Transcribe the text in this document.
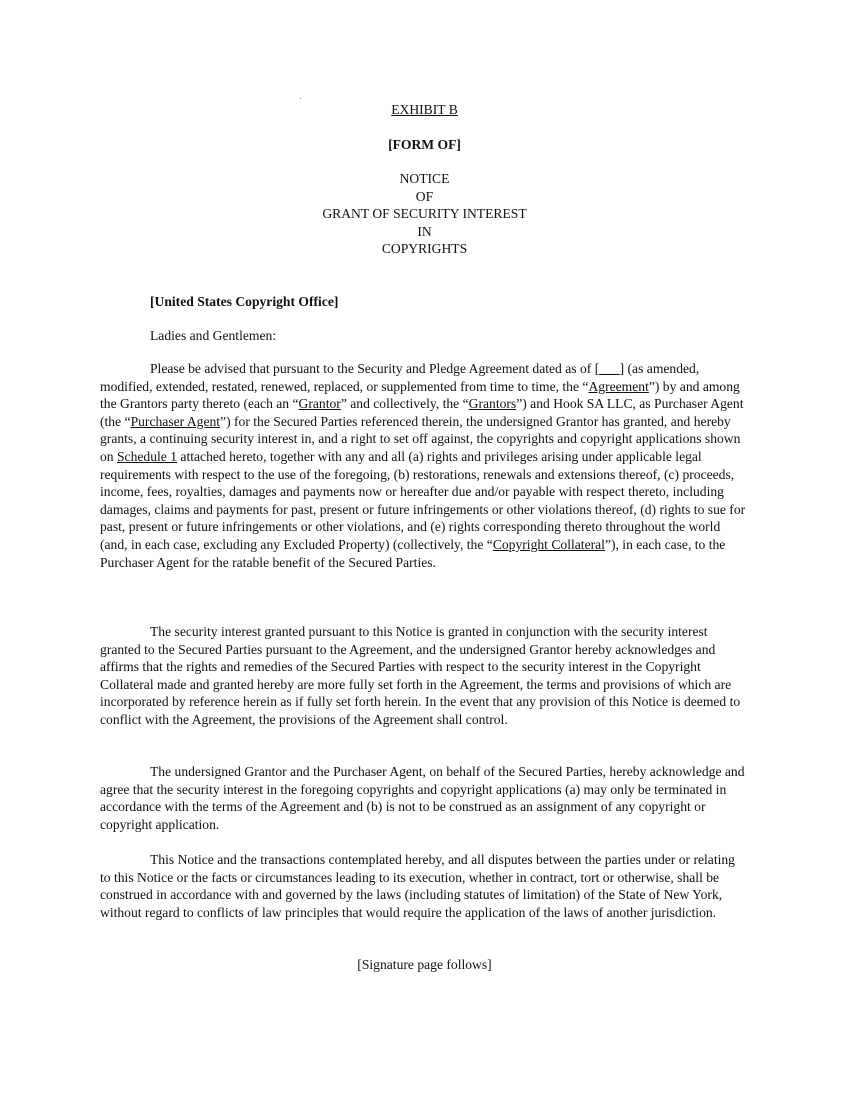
EXHIBIT B
[FORM OF]
NOTICE
OF
GRANT OF SECURITY INTEREST
IN
COPYRIGHTS
[United States Copyright Office]
Ladies and Gentlemen:

Please be advised that pursuant to the Security and Pledge Agreement dated as of [___] (as amended, modified, extended, restated, renewed, replaced, or supplemented from time to time, the “Agreement”) by and among the Grantors party thereto (each an “Grantor” and collectively, the “Grantors”) and Hook SA LLC, as Purchaser Agent (the “Purchaser Agent”) for the Secured Parties referenced therein, the undersigned Grantor has granted, and hereby grants, a continuing security interest in, and a right to set off against, the copyrights and copyright applications shown on Schedule 1 attached hereto, together with any and all (a) rights and privileges arising under applicable legal requirements with respect to the use of the foregoing, (b) restorations, renewals and extensions thereof, (c) proceeds, income, fees, royalties, damages and payments now or hereafter due and/or payable with respect thereto, including damages, claims and payments for past, present or future infringements or other violations thereof, (d) rights to sue for past, present or future infringements or other violations, and (e) rights corresponding thereto throughout the world (and, in each case, excluding any Excluded Property) (collectively, the “Copyright Collateral”), in each case, to the Purchaser Agent for the ratable benefit of the Secured Parties.

The security interest granted pursuant to this Notice is granted in conjunction with the security interest granted to the Secured Parties pursuant to the Agreement, and the undersigned Grantor hereby acknowledges and affirms that the rights and remedies of the Secured Parties with respect to the security interest in the Copyright Collateral made and granted hereby are more fully set forth in the Agreement, the terms and provisions of which are incorporated by reference herein as if fully set forth herein. In the event that any provision of this Notice is deemed to conflict with the Agreement, the provisions of the Agreement shall control.

The undersigned Grantor and the Purchaser Agent, on behalf of the Secured Parties, hereby acknowledge and agree that the security interest in the foregoing copyrights and copyright applications (a) may only be terminated in accordance with the terms of the Agreement and (b) is not to be construed as an assignment of any copyright or copyright application.

This Notice and the transactions contemplated hereby, and all disputes between the parties under or relating to this Notice or the facts or circumstances leading to its execution, whether in contract, tort or otherwise, shall be construed in accordance with and governed by the laws (including statutes of limitation) of the State of New York, without regard to conflicts of law principles that would require the application of the laws of another jurisdiction.

[Signature page follows]
